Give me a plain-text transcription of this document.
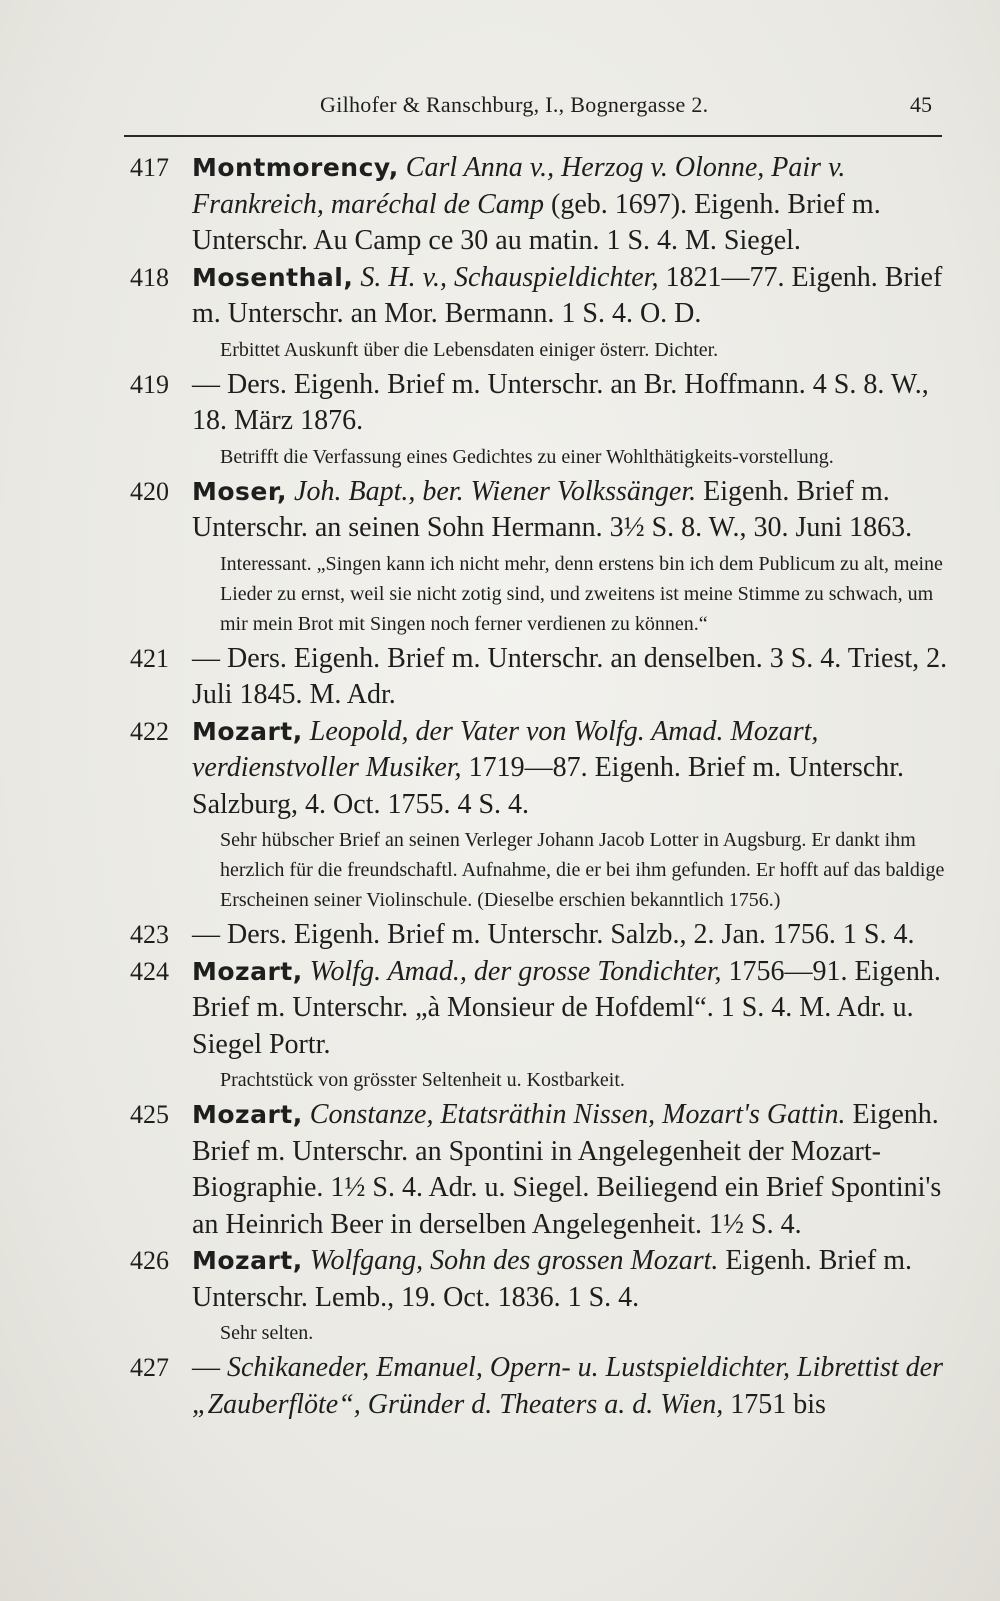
Gilhofer & Ranschburg, I., Bognergasse 2.	45
417 Montmorency, Carl Anna v., Herzog v. Olonne, Pair v. Frankreich, maréchal de Camp (geb. 1697). Eigenh. Brief m. Unterschr. Au Camp ce 30 au matin. 1 S. 4. M. Siegel.

418 Mosenthal, S. H. v., Schauspieldichter, 1821—77. Eigenh. Brief m. Unterschr. an Mor. Bermann. 1 S. 4. O. D.

Erbittet Auskunft über die Lebensdaten einiger österr. Dichter.

419 — Ders. Eigenh. Brief m. Unterschr. an Br. Hoffmann. 4 S. 8. W., 18. März 1876.

Betrifft die Verfassung eines Gedichtes zu einer Wohlthätigkeits-vorstellung.

420 Moser, Joh. Bapt., ber. Wiener Volkssänger. Eigenh. Brief m. Unterschr. an seinen Sohn Hermann. 3½ S. 8. W., 30. Juni 1863.

Interessant. „Singen kann ich nicht mehr, denn erstens bin ich dem Publicum zu alt, meine Lieder zu ernst, weil sie nicht zotig sind, und zweitens ist meine Stimme zu schwach, um mir mein Brot mit Singen noch ferner verdienen zu können.“

421 — Ders. Eigenh. Brief m. Unterschr. an denselben. 3 S. 4. Triest, 2. Juli 1845. M. Adr.

422 Mozart, Leopold, der Vater von Wolfg. Amad. Mozart, verdienstvoller Musiker, 1719—87. Eigenh. Brief m. Unterschr. Salzburg, 4. Oct. 1755. 4 S. 4.

Sehr hübscher Brief an seinen Verleger Johann Jacob Lotter in Augsburg. Er dankt ihm herzlich für die freundschaftl. Aufnahme, die er bei ihm gefunden. Er hofft auf das baldige Erscheinen seiner Violinschule. (Dieselbe erschien bekanntlich 1756.)

423 — Ders. Eigenh. Brief m. Unterschr. Salzb., 2. Jan. 1756. 1 S. 4.

424 Mozart, Wolfg. Amad., der grosse Tondichter, 1756—91. Eigenh. Brief m. Unterschr. „à Monsieur de Hofdeml“. 1 S. 4. M. Adr. u. Siegel Portr.

Prachtstück von grösster Seltenheit u. Kostbarkeit.

425 Mozart, Constanze, Etatsräthin Nissen, Mozart's Gattin. Eigenh. Brief m. Unterschr. an Spontini in Angelegenheit der Mozart-Biographie. 1½ S. 4. Adr. u. Siegel. Beiliegend ein Brief Spontini's an Heinrich Beer in derselben Angelegenheit. 1½ S. 4.

426 Mozart, Wolfgang, Sohn des grossen Mozart. Eigenh. Brief m. Unterschr. Lemb., 19. Oct. 1836. 1 S. 4.

Sehr selten.

427 — Schikaneder, Emanuel, Opern- u. Lustspieldichter, Librettist der „Zauberflöte“, Gründer d. Theaters a. d. Wien, 1751 bis
